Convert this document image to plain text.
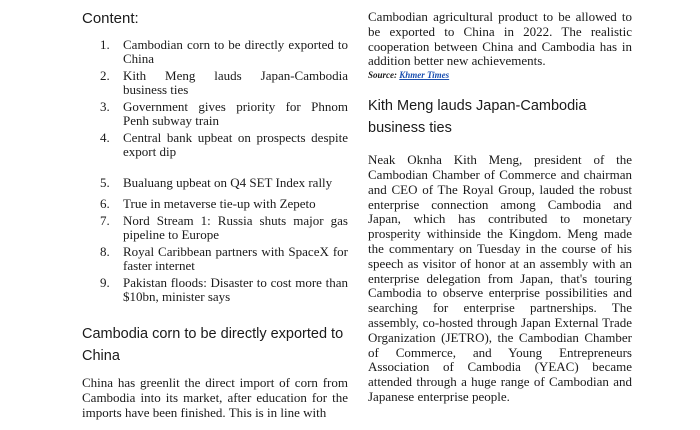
Content:
1. Cambodian corn to be directly exported to China
2. Kith Meng lauds Japan-Cambodia business ties
3. Government gives priority for Phnom Penh subway train
4. Central bank upbeat on prospects despite export dip
5. Bualuang upbeat on Q4 SET Index rally
6. True in metaverse tie-up with Zepeto
7. Nord Stream 1: Russia shuts major gas pipeline to Europe
8. Royal Caribbean partners with SpaceX for faster internet
9. Pakistan floods: Disaster to cost more than $10bn, minister says
Cambodia corn to be directly exported to China

China has greenlit the direct import of corn from Cambodia into its market, after education for the imports have been finished. This is in line with

Cambodian agricultural product to be allowed to be exported to China in 2022. The realistic cooperation between China and Cambodia has in addition better new achievements.

Source: Khmer Times

Kith Meng lauds Japan-Cambodia business ties

Neak Oknha Kith Meng, president of the Cambodian Chamber of Commerce and chairman and CEO of The Royal Group, lauded the robust enterprise connection among Cambodia and Japan, which has contributed to monetary prosperity withinside the Kingdom. Meng made the commentary on Tuesday in the course of his speech as visitor of honor at an assembly with an enterprise delegation from Japan, that's touring Cambodia to observe enterprise possibilities and searching for enterprise partnerships. The assembly, co-hosted through Japan External Trade Organization (JETRO), the Cambodian Chamber of Commerce, and Young Entrepreneurs Association of Cambodia (YEAC) became attended through a huge range of Cambodian and Japanese enterprise people.
